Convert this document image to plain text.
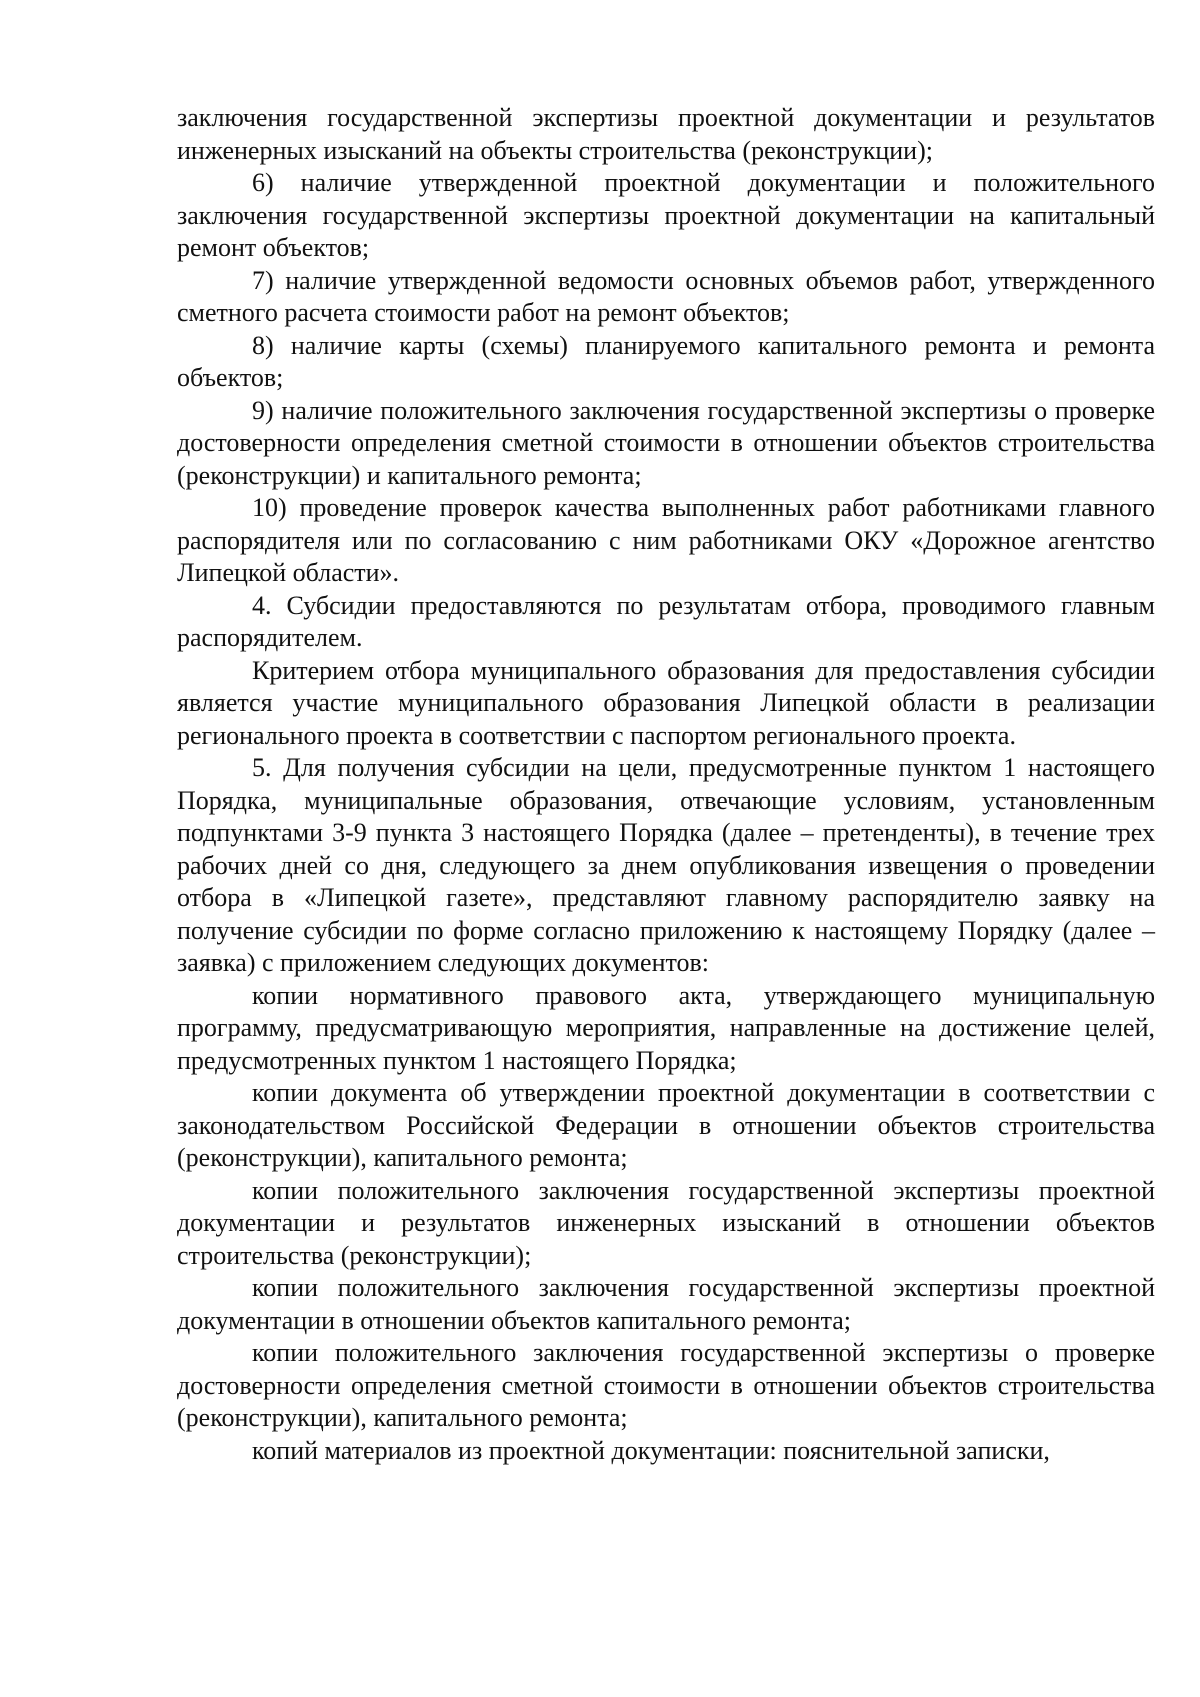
заключения государственной экспертизы проектной документации и результатов инженерных изысканий на объекты строительства (реконструкции);

6) наличие утвержденной проектной документации и положительного заключения государственной экспертизы проектной документации на капитальный ремонт объектов;

7) наличие утвержденной ведомости основных объемов работ, утвержденного сметного расчета стоимости работ на ремонт объектов;

8) наличие карты (схемы) планируемого капитального ремонта и ремонта объектов;

9) наличие положительного заключения государственной экспертизы о проверке достоверности определения сметной стоимости в отношении объектов строительства (реконструкции) и капитального ремонта;

10) проведение проверок качества выполненных работ работниками главного распорядителя или по согласованию с ним работниками ОКУ «Дорожное агентство Липецкой области».

4. Субсидии предоставляются по результатам отбора, проводимого главным распорядителем.

Критерием отбора муниципального образования для предоставления субсидии является участие муниципального образования Липецкой области в реализации регионального проекта в соответствии с паспортом регионального проекта.

5. Для получения субсидии на цели, предусмотренные пунктом 1 настоящего Порядка, муниципальные образования, отвечающие условиям, установленным подпунктами 3-9 пункта 3 настоящего Порядка (далее – претенденты), в течение трех рабочих дней со дня, следующего за днем опубликования извещения о проведении отбора в «Липецкой газете», представляют главному распорядителю заявку на получение субсидии по форме согласно приложению к настоящему Порядку (далее – заявка) с приложением следующих документов:

копии нормативного правового акта, утверждающего муниципальную программу, предусматривающую мероприятия, направленные на достижение целей, предусмотренных пунктом 1 настоящего Порядка;

копии документа об утверждении проектной документации в соответствии с законодательством Российской Федерации в отношении объектов строительства (реконструкции), капитального ремонта;

копии положительного заключения государственной экспертизы проектной документации и результатов инженерных изысканий в отношении объектов строительства (реконструкции);

копии положительного заключения государственной экспертизы проектной документации в отношении объектов капитального ремонта;

копии положительного заключения государственной экспертизы о проверке достоверности определения сметной стоимости в отношении объектов строительства (реконструкции), капитального ремонта;

копий материалов из проектной документации: пояснительной записки,
